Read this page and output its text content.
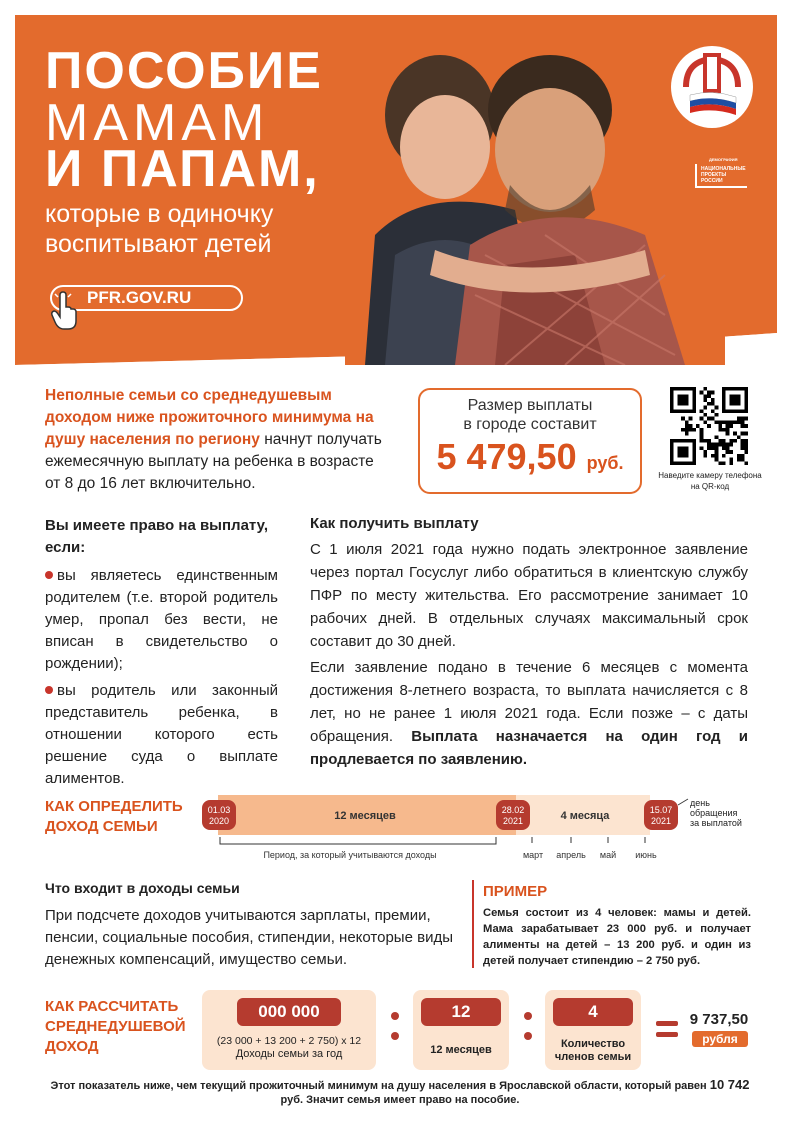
ПОСОБИЕ
МАМАМ
И ПАПАМ,
которые в одиночку
воспитывают детей
PFR.GOV.RU
ДЕМОГРАФИЯ
НАЦИОНАЛЬНЫЕ
ПРОЕКТЫ
РОССИИ
Неполные семьи со среднедушевым доходом ниже прожиточного минимума на душу населения по региону начнут получать ежемесячную выплату на ребенка в возрасте от 8 до 16 лет включительно.
Размер выплаты
в городе составит
5 479,50 руб.
Наведите камеру телефона на QR-код
Вы имеете право на выплату, если:
вы являетесь единственным родителем (т.е. второй родитель умер, пропал без вести, не вписан в свидетельство о рождении);
вы родитель или законный представитель ребенка, в отношении которого есть решение суда о выплате алиментов.
Как получить выплату
С 1 июля 2021 года нужно подать электронное заявление через портал Госуслуг либо обратиться в клиентскую службу ПФР по месту жительства. Его рассмотрение занимает 10 рабочих дней. В отдельных случаях максимальный срок составит до 30 дней.
Если заявление подано в течение 6 месяцев с момента достижения 8-летнего возраста, то выплата начисляется с 8 лет, но не ранее 1 июля 2021 года. Если позже – с даты обращения. Выплата назначается на один год и продлевается по заявлению.
КАК ОПРЕДЕЛИТЬ ДОХОД СЕМЬИ
01.03
2020	12 месяцев	28.02
2021	4 месяца	15.07
2021
день
обращения
за выплатой
Период, за который учитываются доходы	март апрель май июнь
Что входит в доходы семьи
При подсчете доходов учитываются зарплаты, премии, пенсии, социальные пособия, стипендии, некоторые виды денежных компенсаций, имущество семьи.
ПРИМЕР
Семья состоит из 4 человек: мамы и детей. Мама зарабатывает 23 000 руб. и получает алименты на детей – 13 200 руб. и один из детей получает стипендию – 2 750 руб.
КАК РАССЧИТАТЬ СРЕДНЕДУШЕВОЙ ДОХОД
000 000
(23 000 + 13 200 + 2 750) х 12
Доходы семьи за год
12
12 месяцев
4
Количество
членов семьи
9 737,50
рубля
Этот показатель ниже, чем текущий прожиточный минимум на душу населения в Ярославской области, который равен 10 742 руб. Значит семья имеет право на пособие.
